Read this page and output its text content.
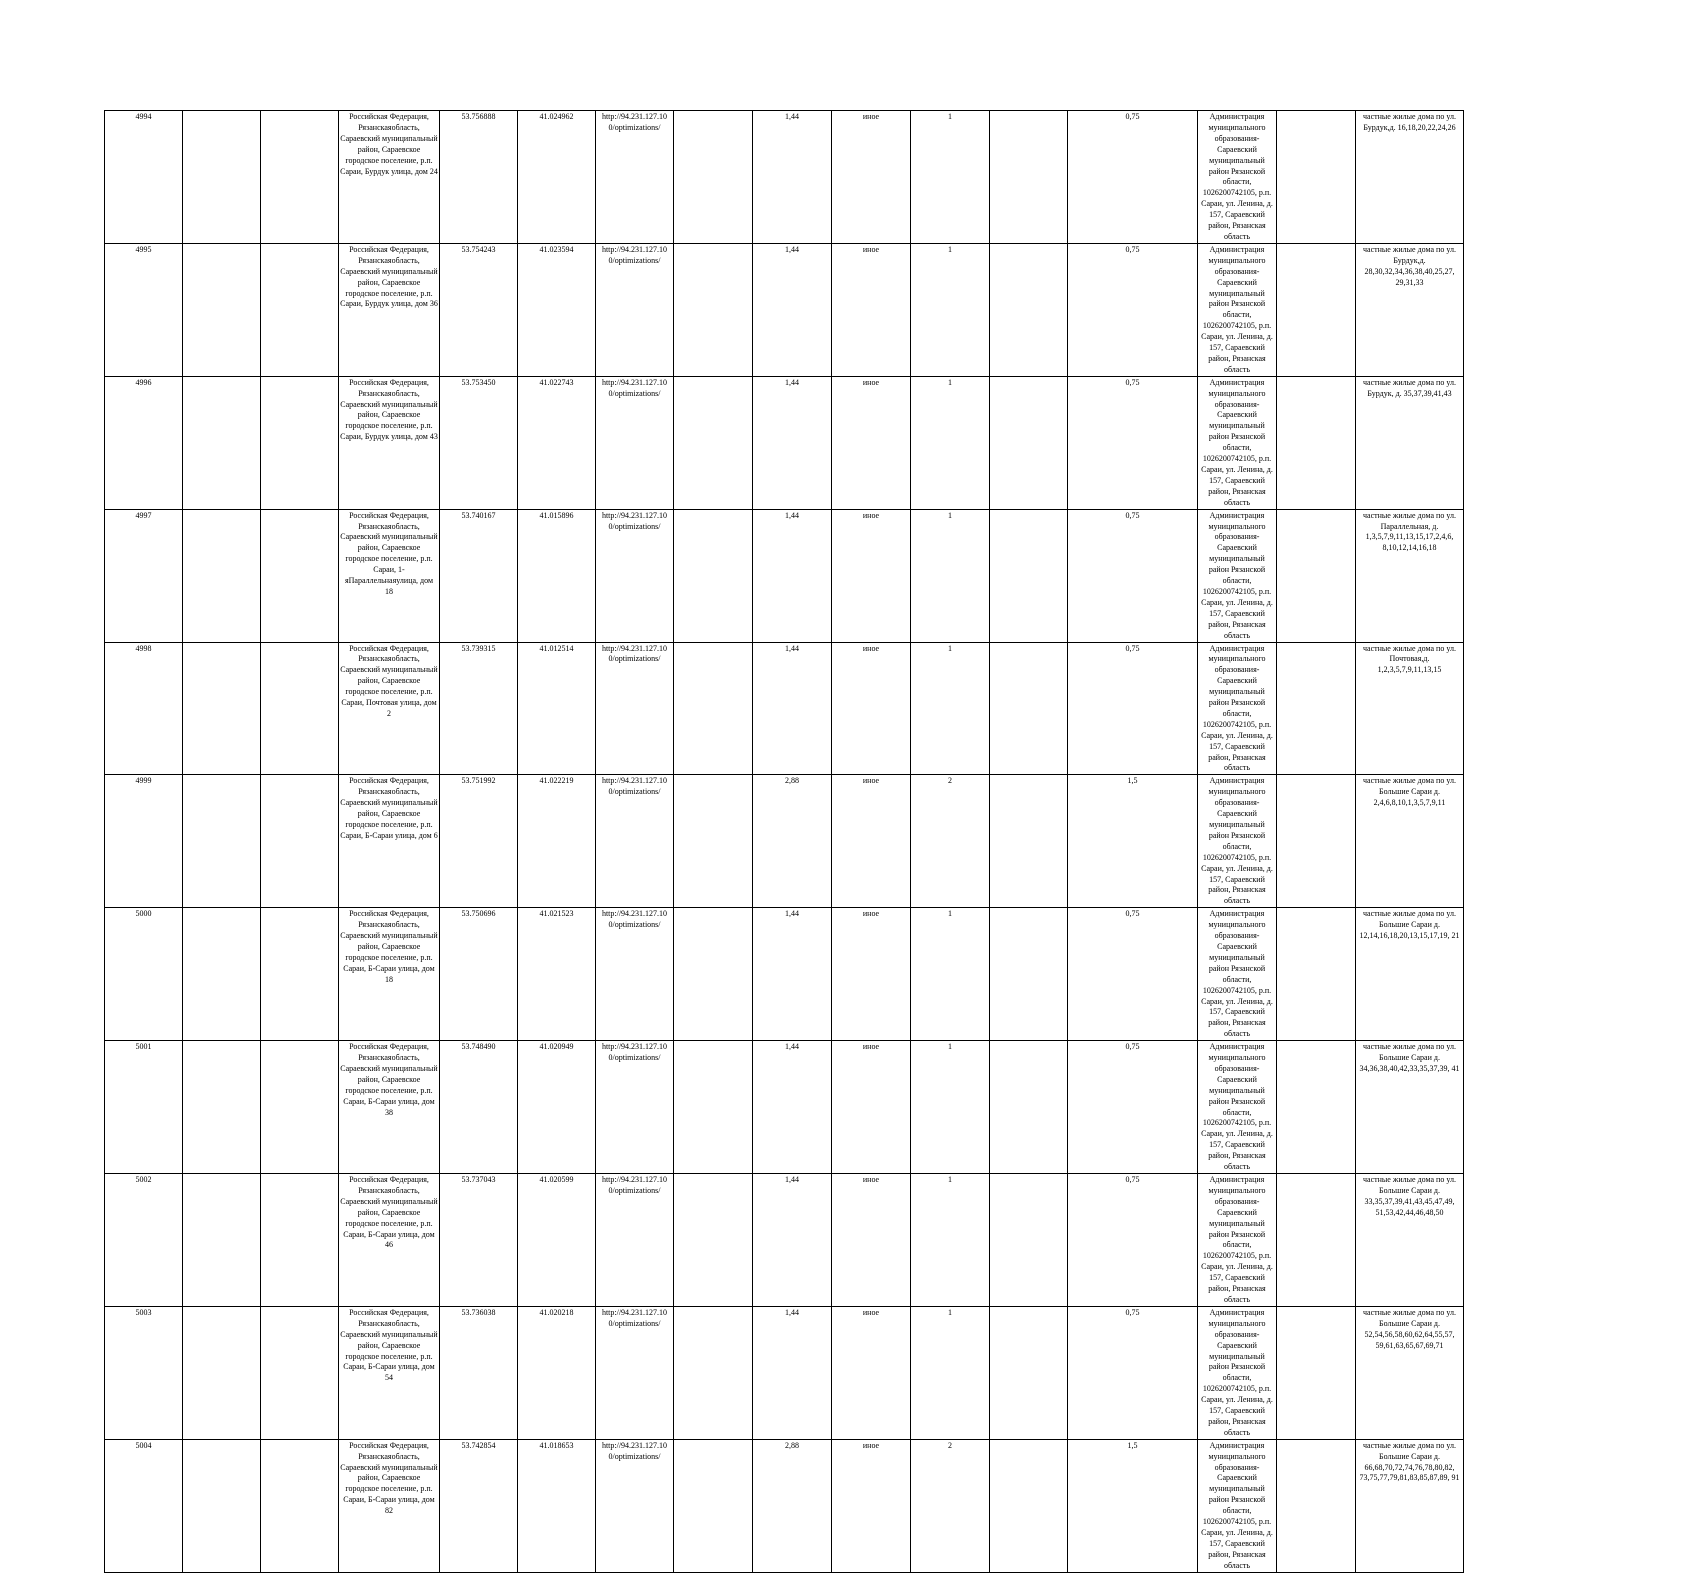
4994			Российская Федерация, Рязанскаяобласть, Сараевский муниципальный район, Сараевское городское поселение, р.п. Сараи, Бурдук улица, дом 24	53.756888	41.024962	http://94.231.127.10 0/optimizations/		1,44	иное	1		0,75	Администрация муниципального образования-Сараевский муниципальный район Рязанской области, 1026200742105, р.п. Сараи, ул. Ленина, д. 157, Сараевский район, Рязанская область		частные жилые дома по ул. Бурдук,д. 16,18,20,22,24,26
4995			Российская Федерация, Рязанскаяобласть, Сараевский муниципальный район, Сараевское городское поселение, р.п. Сараи, Бурдук улица, дом 36	53.754243	41.023594	http://94.231.127.10 0/optimizations/		1,44	иное	1		0,75	Администрация муниципального образования-Сараевский муниципальный район Рязанской области, 1026200742105, р.п. Сараи, ул. Ленина, д. 157, Сараевский район, Рязанская область		частные жилые дома по ул. Бурдук,д. 28,30,32,34,36,38,40,25,27, 29,31,33
4996			Российская Федерация, Рязанскаяобласть, Сараевский муниципальный район, Сараевское городское поселение, р.п. Сараи, Бурдук улица, дом 43	53.753450	41.022743	http://94.231.127.10 0/optimizations/		1,44	иное	1		0,75	Администрация муниципального образования-Сараевский муниципальный район Рязанской области, 1026200742105, р.п. Сараи, ул. Ленина, д. 157, Сараевский район, Рязанская область		частные жилые дома по ул. Бурдук, д. 35,37,39,41,43
4997			Российская Федерация, Рязанскаяобласть, Сараевский муниципальный район, Сараевское городское поселение, р.п. Сараи, 1-яПараллельнаяулица, дом 18	53.740167	41.015896	http://94.231.127.10 0/optimizations/		1,44	иное	1		0,75	Администрация муниципального образования-Сараевский муниципальный район Рязанской области, 1026200742105, р.п. Сараи, ул. Ленина, д. 157, Сараевский район, Рязанская область		частные жилые дома по ул. Параллельная, д. 1,3,5,7,9,11,13,15,17,2,4,6, 8,10,12,14,16,18
4998			Российская Федерация, Рязанскаяобласть, Сараевский муниципальный район, Сараевское городское поселение, р.п. Сараи, Почтовая улица, дом 2	53.739315	41.012514	http://94.231.127.10 0/optimizations/		1,44	иное	1		0,75	Администрация муниципального образования-Сараевский муниципальный район Рязанской области, 1026200742105, р.п. Сараи, ул. Ленина, д. 157, Сараевский район, Рязанская область		частные жилые дома по ул. Почтовая,д. 1,2,3,5,7,9,11,13,15
4999			Российская Федерация, Рязанскаяобласть, Сараевский муниципальный район, Сараевское городское поселение, р.п. Сараи, Б-Сараи улица, дом 6	53.751992	41.022219	http://94.231.127.10 0/optimizations/		2,88	иное	2		1,5	Администрация муниципального образования-Сараевский муниципальный район Рязанской области, 1026200742105, р.п. Сараи, ул. Ленина, д. 157, Сараевский район, Рязанская область		частные жилые дома по ул. Большие Сараи д. 2,4,6,8,10,1,3,5,7,9,11
5000			Российская Федерация, Рязанскаяобласть, Сараевский муниципальный район, Сараевское городское поселение, р.п. Сараи, Б-Сараи улица, дом 18	53.750696	41.021523	http://94.231.127.10 0/optimizations/		1,44	иное	1		0,75	Администрация муниципального образования-Сараевский муниципальный район Рязанской области, 1026200742105, р.п. Сараи, ул. Ленина, д. 157, Сараевский район, Рязанская область		частные жилые дома по ул. Большие Сараи д. 12,14,16,18,20,13,15,17,19, 21
5001			Российская Федерация, Рязанскаяобласть, Сараевский муниципальный район, Сараевское городское поселение, р.п. Сараи, Б-Сараи улица, дом 38	53.748490	41.020949	http://94.231.127.10 0/optimizations/		1,44	иное	1		0,75	Администрация муниципального образования-Сараевский муниципальный район Рязанской области, 1026200742105, р.п. Сараи, ул. Ленина, д. 157, Сараевский район, Рязанская область		частные жилые дома по ул. Большие Сараи д. 34,36,38,40,42,33,35,37,39, 41
5002			Российская Федерация, Рязанскаяобласть, Сараевский муниципальный район, Сараевское городское поселение, р.п. Сараи, Б-Сараи улица, дом 46	53.737043	41.020599	http://94.231.127.10 0/optimizations/		1,44	иное	1		0,75	Администрация муниципального образования-Сараевский муниципальный район Рязанской области, 1026200742105, р.п. Сараи, ул. Ленина, д. 157, Сараевский район, Рязанская область		частные жилые дома по ул. Большие Сараи д. 33,35,37,39,41,43,45,47,49, 51,53,42,44,46,48,50
5003			Российская Федерация, Рязанскаяобласть, Сараевский муниципальный район, Сараевское городское поселение, р.п. Сараи, Б-Сараи улица, дом 54	53.736038	41.020218	http://94.231.127.10 0/optimizations/		1,44	иное	1		0,75	Администрация муниципального образования-Сараевский муниципальный район Рязанской области, 1026200742105, р.п. Сараи, ул. Ленина, д. 157, Сараевский район, Рязанская область		частные жилые дома по ул. Большие Сараи д. 52,54,56,58,60,62,64,55,57, 59,61,63,65,67,69,71
5004			Российская Федерация, Рязанскаяобласть, Сараевский муниципальный район, Сараевское городское поселение, р.п. Сараи, Б-Сараи улица, дом 82	53.742854	41.018653	http://94.231.127.10 0/optimizations/		2,88	иное	2		1,5	Администрация муниципального образования-Сараевский муниципальный район Рязанской области, 1026200742105, р.п. Сараи, ул. Ленина, д. 157, Сараевский район, Рязанская область		частные жилые дома по ул. Большие Сараи д. 66,68,70,72,74,76,78,80,82, 73,75,77,79,81,83,85,87,89, 91
